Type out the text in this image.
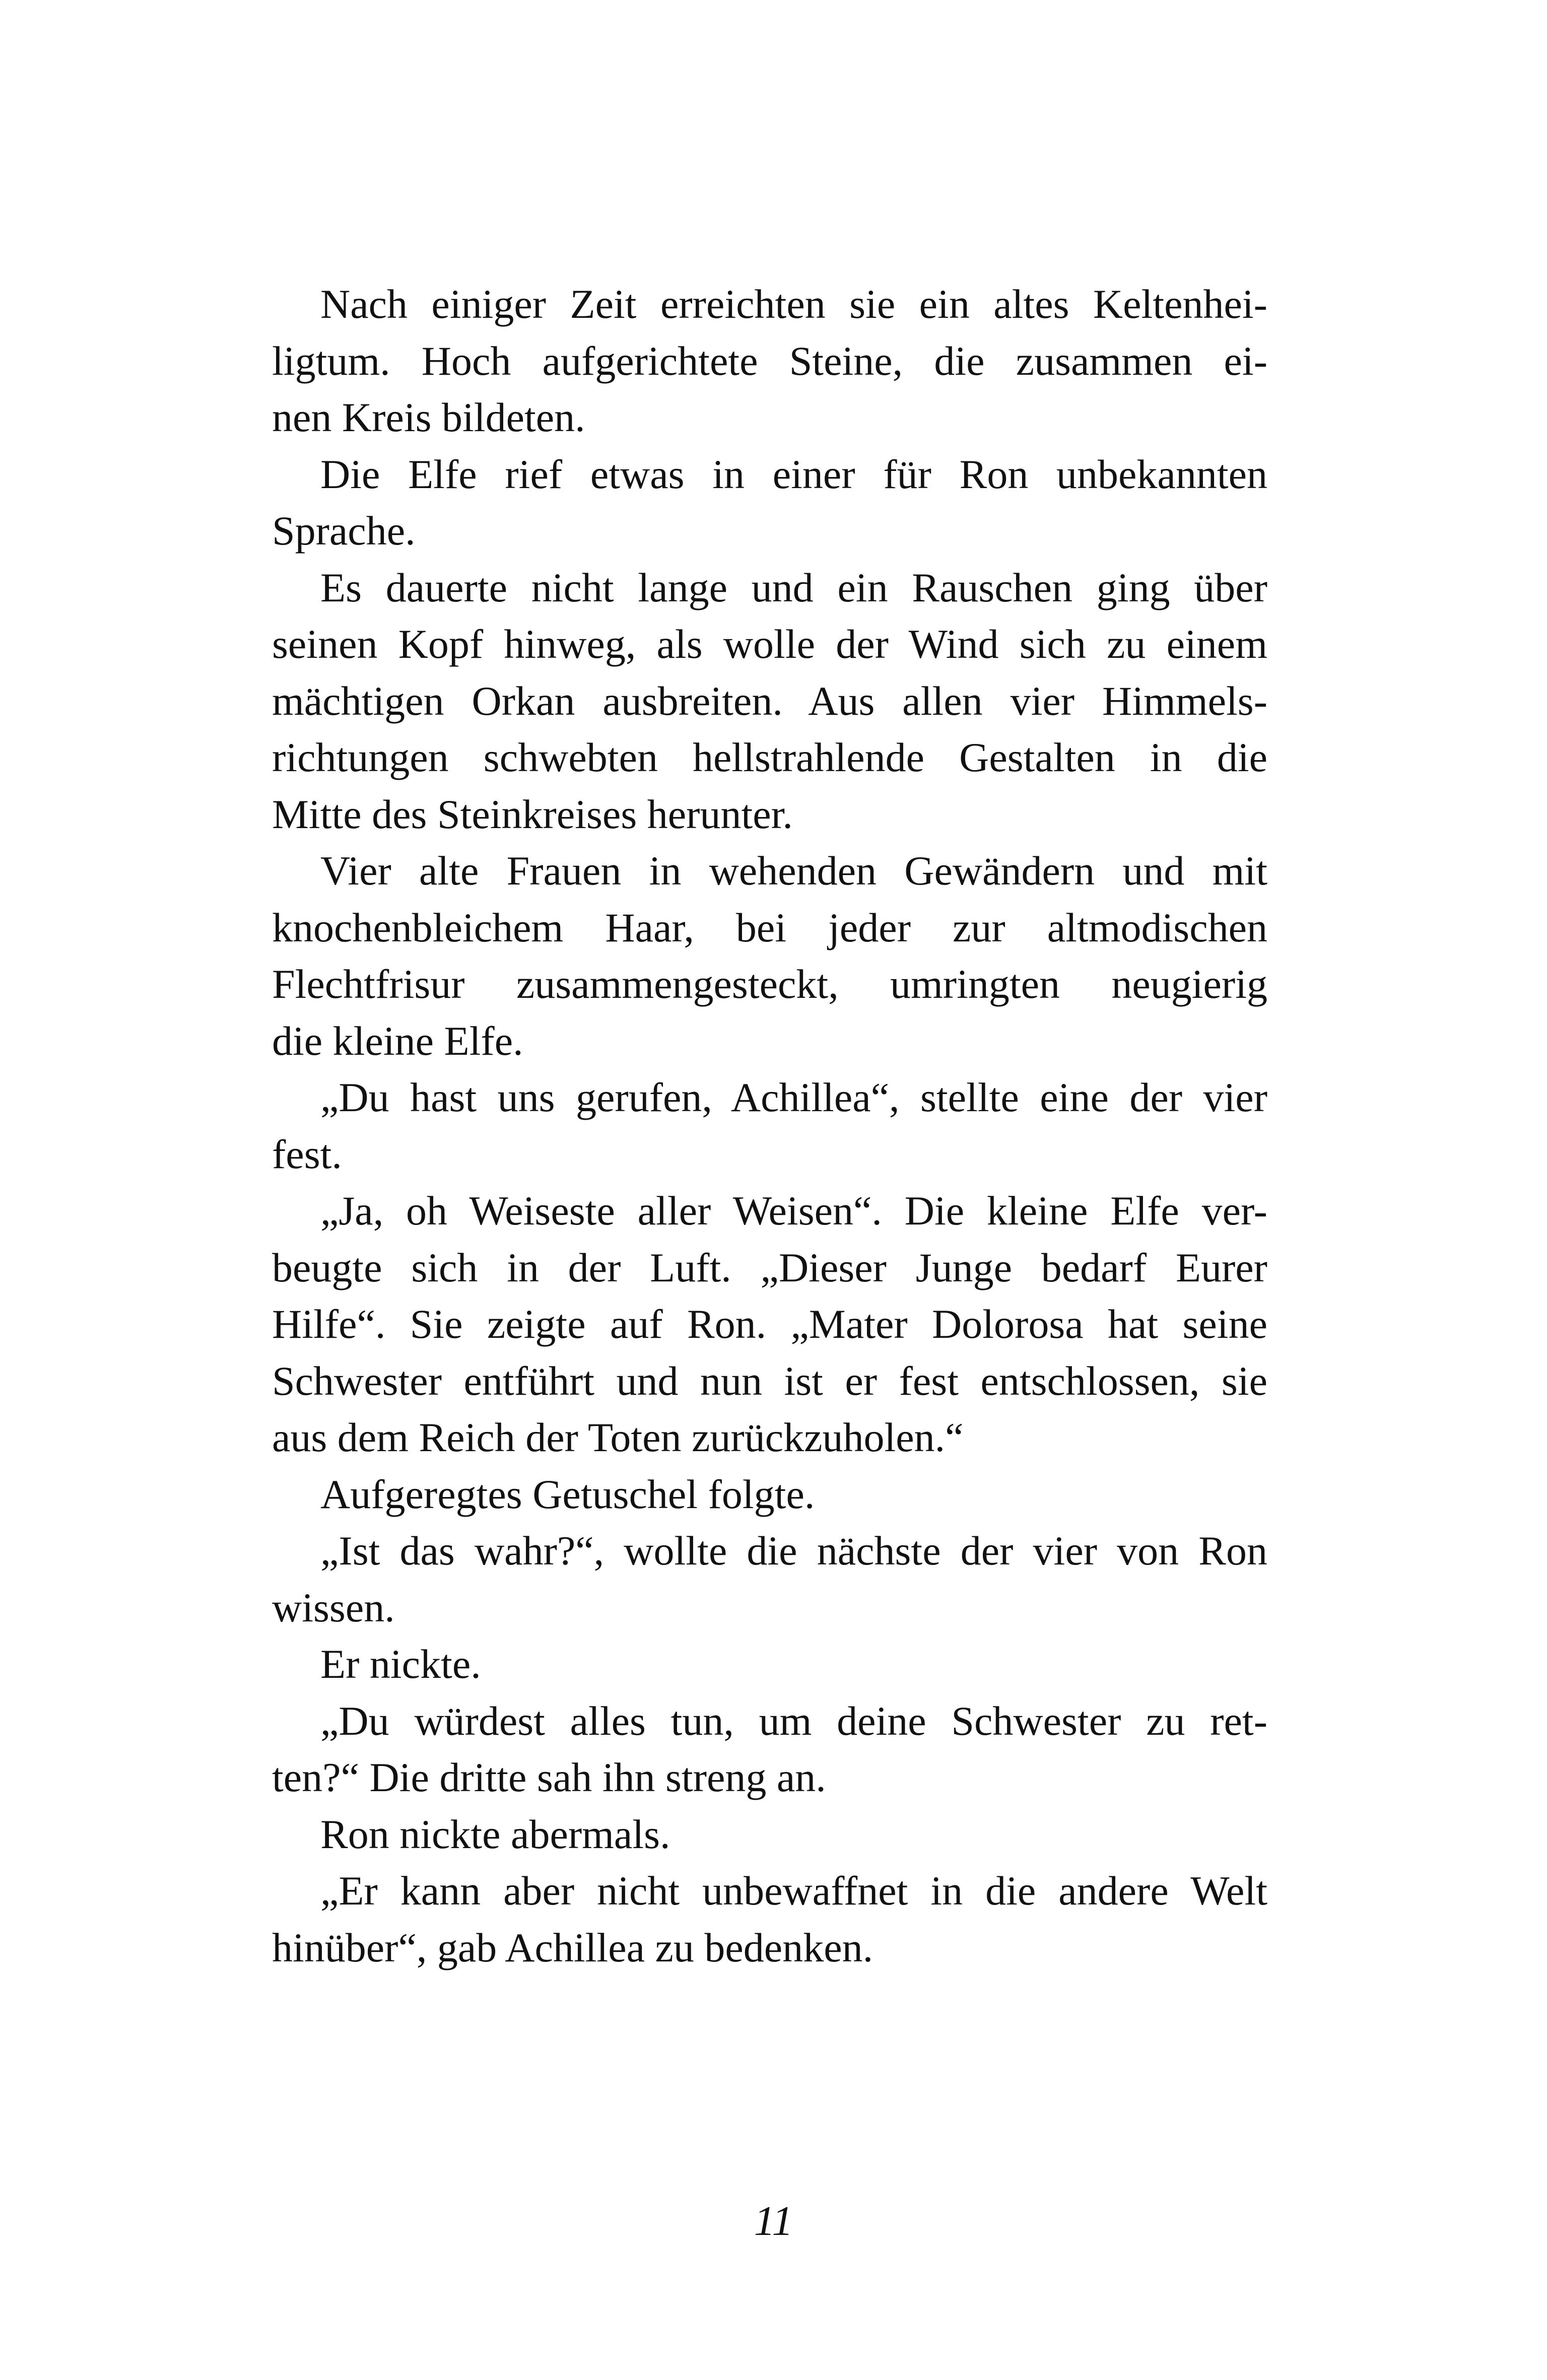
Nach einiger Zeit erreichten sie ein altes Keltenhei-
ligtum. Hoch aufgerichtete Steine, die zusammen ei-
nen Kreis bildeten.
Die Elfe rief etwas in einer für Ron unbekannten
Sprache.
Es dauerte nicht lange und ein Rauschen ging über
seinen Kopf hinweg, als wolle der Wind sich zu einem
mächtigen Orkan ausbreiten. Aus allen vier Himmels-
richtungen schwebten hellstrahlende Gestalten in die
Mitte des Steinkreises herunter.
Vier alte Frauen in wehenden Gewändern und mit
knochenbleichem Haar, bei jeder zur altmodischen
Flechtfrisur zusammengesteckt, umringten neugierig
die kleine Elfe.
„Du hast uns gerufen, Achillea“, stellte eine der vier
fest.
„Ja, oh Weiseste aller Weisen“. Die kleine Elfe ver-
beugte sich in der Luft. „Dieser Junge bedarf Eurer
Hilfe“. Sie zeigte auf Ron. „Mater Dolorosa hat seine
Schwester entführt und nun ist er fest entschlossen, sie
aus dem Reich der Toten zurückzuholen.“
Aufgeregtes Getuschel folgte.
„Ist das wahr?“, wollte die nächste der vier von Ron
wissen.
Er nickte.
„Du würdest alles tun, um deine Schwester zu ret-
ten?“ Die dritte sah ihn streng an.
Ron nickte abermals.
„Er kann aber nicht unbewaffnet in die andere Welt
hinüber“, gab Achillea zu bedenken.
11
